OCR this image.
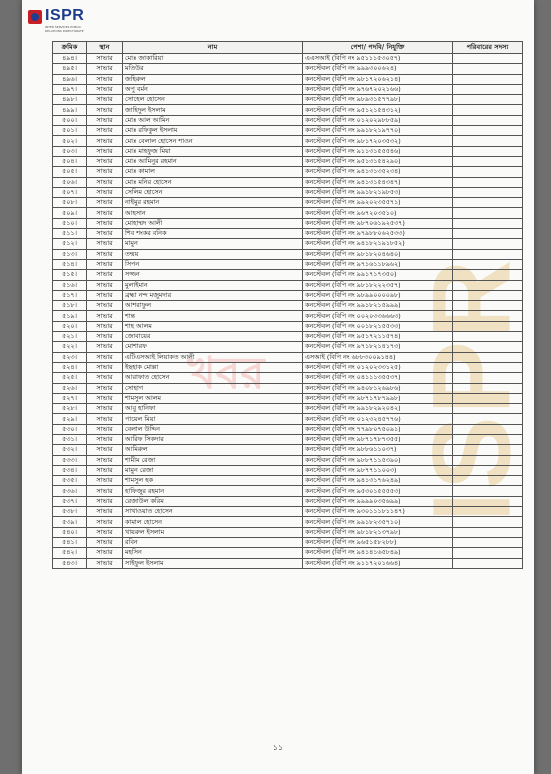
ISPR
INTER SERVICES PUBLIC RELATIONS DIRECTORATE
ISPR
খবর
ক্রমিক	স্থান	নাম	পেশা/ পদবি/ নিযুক্তি	পরিবারের সদস্য
৪৯৪।	সাভার	মোঃ জাকারিয়া	এএসআই (বিপি নং ৯৫১১১৫৩০৫৭)	
৪৯৫।	সাভার	মতিউর	কনস্টেবল (বিপি নং ৯৯৯৩০০৬২৪)	
৪৯৬।	সাভার	জহিরুল	কনস্টেবল (বিপি নং ৯৮১৭২০৬২১৪)	
৪৯৭।	সাভার	অপু বর্মন	কনস্টেবল (বিপি নং ৯৭৬৭২০২১৬৬)	
৪৯৮।	সাভার	সোহেল হোসেন	কনস্টেবল (বিপি নং ৯৮৯৩১৫৭৭৯৮)	
৪৯৯।	সাভার	জাহিদুল ইসলাম	কনস্টেবল (বিপি নং ৯৫১২১৫৪৩১২)	
৫০০।	সাভার	মোঃ আল আমিন	কনস্টেবল (বিপি নং ০১২০২৯৮৮৫৯)	
৫০১।	সাভার	মোঃ রফিকুল ইসলাম	কনস্টেবল (বিপি নং ৯৯১৮২১৯৭৭০)	
৫০২।	সাভার	মোঃ বেলাল হোসেন শাওন	কনস্টেবল (বিপি নং ৯৮১৭২০৩৫৩২)	
৫০৩।	সাভার	মোঃ মাহফুজ মিয়া	কনস্টেবল (বিপি নং ৯১১৩১৫৫৫৪৬)	
৫০৪।	সাভার	মোঃ আমিনুর রহমান	কনস্টেবল (বিপি নং ৯৫১৩১৫৪২৯০)	
৫০৫।	সাভার	মোঃ কামাল	কনস্টেবল (বিপি নং ৯৪১৩১৩৫২৩৪)	
৫০৬।	সাভার	মোঃ মনির হোসেন	কনস্টেবল (বিপি নং ৯৪১৩১৫৪৩৪৭)	
৫০৭।	সাভার	সেলিম হোসেন	কনস্টেবল (বিপি নং ৯৯১৮২১৯৮৫৩)	
৫০৮।	সাভার	নাইমুর রহমান	কনস্টেবল (বিপি নং ৯৯২০২৩৫৫৭১)	
৫০৯।	সাভার	আহসান	কনস্টেবল (বিপি নং ৯৬৭২০৩৫১০)	
৫১০।	সাভার	মোহাম্মদ আলী	কনস্টেবল (বিপি নং ৯৮৭০৬১৯২৫৩৭)	
৫১১।	সাভার	শিব শংকর বনিক	কনস্টেবল (বিপি নং ৯৭৯৮৮০৬২৫৩৩)	
৫১২।	সাভার	মামুন	কনস্টেবল (বিপি নং ৯৪১৮২১৯১৮৫২)	
৫১৩।	সাভার	তন্ময়	কনস্টেবল (বিপি নং ৯৮১৮২০৪৬৪০)	
৫১৪।	সাভার	সিপন	কনস্টেবল (বিপি নং ৯৭১৬১১৮৯৬২)	
৫১৫।	সাভার	সজ্জন	কনস্টেবল (বিপি নং ৯৯১৭১৭৩৫০)	
৫১৬।	সাভার	মুলাইমান	কনস্টেবল (বিপি নং ৯৮১৮২২২৩৫৭)	
৫১৭।	সাভার	ব্রহ্মা নন্দ মজুমদার	কনস্টেবল (বিপি নং ৯৮৯৯০০০০৯৮)	
৫১৮।	সাভার	আশরাফুল	কনস্টেবল (বিপি নং ৯৯১৮২১৫৯৯৯)	
৫১৯।	সাভার	শান্ত	কনস্টেবল (বিপি নং ০০২০৩৩৬৬৬৩)	
৫২০।	সাভার	শাহ আলম	কনস্টেবল (বিপি নং ০০১৮২১৫৫৩৩)	
৫২১।	সাভার	জোবায়ের	কনস্টেবল (বিপি নং ৯৫১৭২১১৫৭৪)	
৫২২।	সাভার	মোশারফ	কনস্টেবল (বিপি নং ৯৭১৮২১৪১৭৩)	
৫২৩।	সাভার	এটিএসআই লিয়াকত আলী	এসআই (বিপি নং ৬৮৮৩০০৯১৪৪)	
৫২৪।	সাভার	ইছহাক মোল্লা	কনস্টেবল (বিপি নং ০১২০২৩৩১২৫)	
৫২৫।	সাভার	আরাফাত হোসেন	কনস্টেবল (বিপি নং ০৪১১১৩৫৫৩৭)	
৫২৬।	সাভার	সোহাগ	কনস্টেবল (বিপি নং ৯৪০৮১২৬৯৮৬)	
৫২৭।	সাভার	শামসুল আলম	কনস্টেবল (বিপি নং ৯৮৭১৭৮৭৯৯৮)	
৫২৮।	সাভার	আবু হানিফা	কনস্টেবল (বিপি নং ৯৯১৮২৯২০৪২)	
৫২৯।	সাভার	পায়েল মিয়া	কনস্টেবল (বিপি নং ০১২৩২৪৫৭৭৬)	
৫৩০।	সাভার	বেলাল উদ্দিন	কনস্টেবল (বিপি নং ৭৭৯৮০৭৫০৯১)	
৫৩১।	সাভার	আরিফ সিকদার	কনস্টেবল (বিপি নং ৯৮৭১৭৮৭৩৫৫)	
৫৩২।	সাভার	আমিরুল	কনস্টেবল (বিপি নং ৯৮৮৬১১০৩৭)	
৫৩৩।	সাভার	শামীম রেজা	কনস্টেবল (বিপি নং ৯৮৮৭১১৫৩৯০)	
৫৩৪।	সাভার	মামুন রেজা	কনস্টেবল (বিপি নং ৯৮৭৭১১০০৩)	
৫৩৫।	সাভার	শামসুল হক	কনস্টেবল (বিপি নং ৯৪১৩১৭৬২৪৯)	
৫৩৬।	সাভার	হাফিজুর রহমান	কনস্টেবল (বিপি নং ৯৫৩০১৫৫৫৫৩)	
৫৩৭।	সাভার	রেজাউল করিম	কনস্টেবল (বিপি নং ৯৯৯৯০৩৫৬৯৯)	
৫৩৮।	সাভার	সাখাওয়াত হোসেন	কনস্টেবল (বিপি নং ৯৩০১১১৮১১৪৭)	
৫৩৯।	সাভার	কামাল হোসেন	কনস্টেবল (বিপি নং ৯৯১৮২৩৫৭১০)	
৫৪০।	সাভার	খায়রুল ইসলাম	কনস্টেবল (বিপি নং ৯৮১৮২১৩৭৯৮)	
৫৪১।	সাভার	রবিন	কনস্টেবল (বিপি নং ৯৬৫১৫৮২৮৮)	
৫৪২।	সাভার	মহসিন	কনস্টেবল (বিপি নং ৯৪১৪১৬৫৮৪৯)	
৫৪৩।	সাভার	সাইফুল ইসলাম	কনস্টেবল (বিপি নং ৯১১৭২০১৬৬৪)	
১১
